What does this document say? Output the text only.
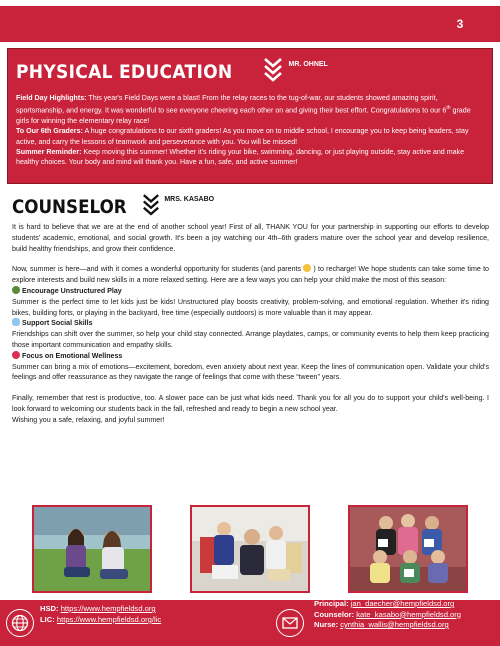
3
PHYSICAL EDUCATION	MR. OHNEL

Field Day Highlights: This year's Field Days were a blast! From the relay races to the tug-of-war, our students showed amazing spirit, sportsmanship, and energy. It was wonderful to see everyone cheering each other on and giving their best effort. Congratulations to our 6th grade girls for winning the elementary relay race!

To Our 6th Graders: A huge congratulations to our sixth graders! As you move on to middle school, I encourage you to keep being leaders, stay active, and carry the lessons of teamwork and perseverance with you. You will be missed!

Summer Reminder: Keep moving this summer! Whether it's riding your bike, swimming, dancing, or just playing outside, stay active and make healthy choices. Your body and mind will thank you. Have a fun, safe, and active summer!

COUNSELOR	MRS. KASABO

It is hard to believe that we are at the end of another school year! First of all, THANK YOU for your partnership in supporting our efforts to develop students' academic, emotional, and social growth. It's been a joy watching our 4th–6th graders mature over the school year and develop resilience, build healthy friendships, and grow their confidence.

Now, summer is here—and with it comes a wonderful opportunity for students (and parents ) to recharge! We hope students can take some time to explore interests and build new skills in a more relaxed setting. Here are a few ways you can help your child make the most of this season:

Encourage Unstructured Play

Summer is the perfect time to let kids just be kids! Unstructured play boosts creativity, problem-solving, and emotional regulation. Whether it's riding bikes, building forts, or playing in the backyard, free time (especially outdoors) is more valuable than it may appear.

Support Social Skills

Friendships can shift over the summer, so help your child stay connected. Arrange playdates, camps, or community events to help them keep practicing those important communication and empathy skills.

Focus on Emotional Wellness

Summer can bring a mix of emotions—excitement, boredom, even anxiety about next year. Keep the lines of communication open. Validate your child's feelings and offer reassurance as they navigate the range of feelings that come with these “tween” years.

Finally, remember that rest is productive, too. A slower pace can be just what kids need. Thank you for all you do to support your child's well-being. I look forward to welcoming our students back in the fall, refreshed and ready to begin a new school year.

Wishing you a safe, relaxing, and joyful summer!

HSD: https://www.hempfieldsd.org
LIC: https://www.hempfieldsd.org/lic
Principal: jan_daecher@hempfieldsd.org
Counselor: kate_kasabo@hempfieldsd.org
Nurse: cynthia_wallis@hempfieldsd.org
